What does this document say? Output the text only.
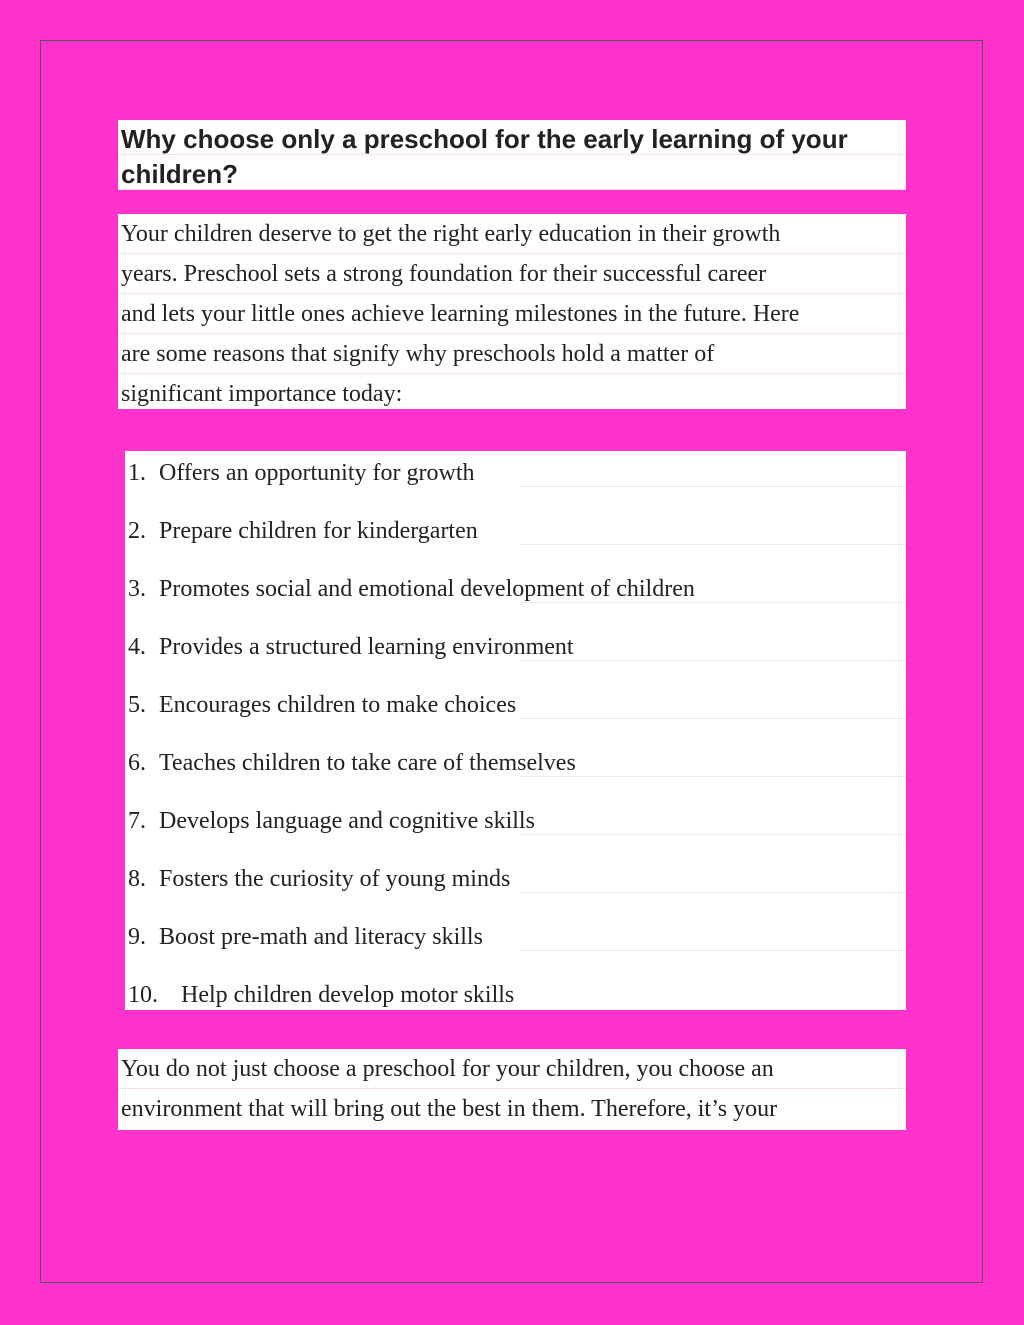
Why choose only a preschool for the early learning of your
children?
Your children deserve to get the right early education in their growth
years. Preschool sets a strong foundation for their successful career
and lets your little ones achieve learning milestones in the future. Here
are some reasons that signify why preschools hold a matter of
significant importance today:
1. Offers an opportunity for growth
2. Prepare children for kindergarten
3. Promotes social and emotional development of children
4. Provides a structured learning environment
5. Encourages children to make choices
6. Teaches children to take care of themselves
7. Develops language and cognitive skills
8. Fosters the curiosity of young minds
9. Boost pre-math and literacy skills
10. Help children develop motor skills
You do not just choose a preschool for your children, you choose an
environment that will bring out the best in them. Therefore, it’s your
